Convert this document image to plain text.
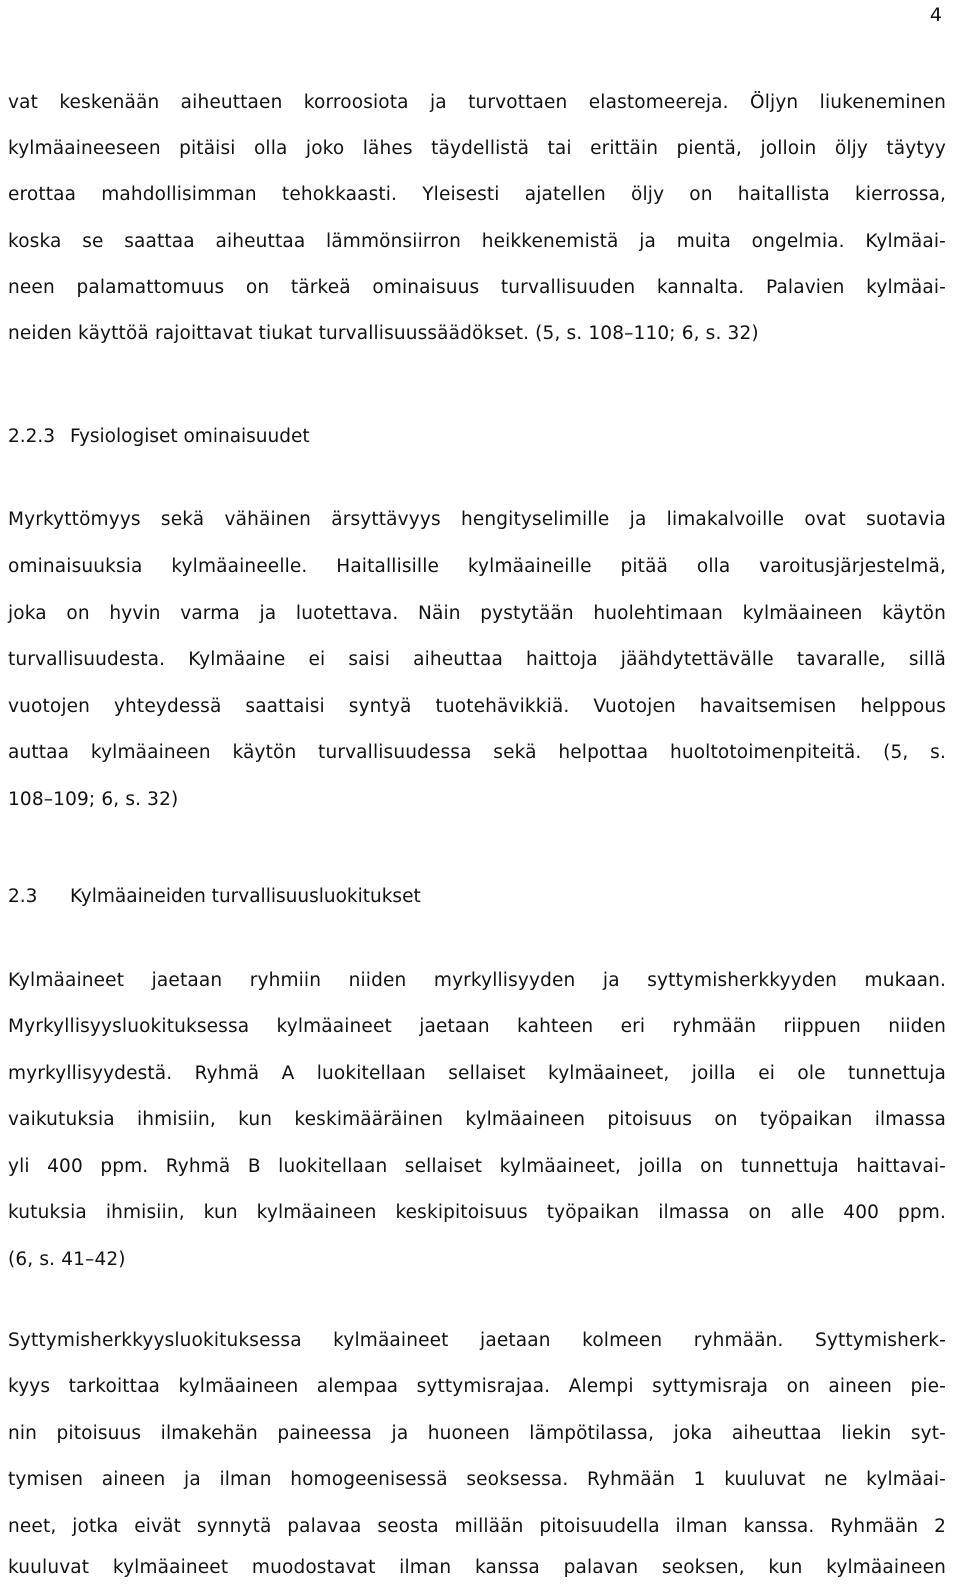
4
vat keskenään aiheuttaen korroosiota ja turvottaen elastomeereja. Öljyn liukeneminen
kylmäaineeseen pitäisi olla joko lähes täydellistä tai erittäin pientä, jolloin öljy täytyy
erottaa mahdollisimman tehokkaasti. Yleisesti ajatellen öljy on haitallista kierrossa,
koska se saattaa aiheuttaa lämmönsiirron heikkenemistä ja muita ongelmia. Kylmäai-
neen palamattomuus on tärkeä ominaisuus turvallisuuden kannalta. Palavien kylmäai-
neiden käyttöä rajoittavat tiukat turvallisuussäädökset. (5, s. 108–110; 6, s. 32)
2.2.3 Fysiologiset ominaisuudet
Myrkyttömyys sekä vähäinen ärsyttävyys hengityselimille ja limakalvoille ovat suotavia
ominaisuuksia kylmäaineelle. Haitallisille kylmäaineille pitää olla varoitusjärjestelmä,
joka on hyvin varma ja luotettava. Näin pystytään huolehtimaan kylmäaineen käytön
turvallisuudesta. Kylmäaine ei saisi aiheuttaa haittoja jäähdytettävälle tavaralle, sillä
vuotojen yhteydessä saattaisi syntyä tuotehävikkiä. Vuotojen havaitsemisen helppous
auttaa kylmäaineen käytön turvallisuudessa sekä helpottaa huoltotoimenpiteitä. (5, s.
108–109; 6, s. 32)
2.3 Kylmäaineiden turvallisuusluokitukset
Kylmäaineet jaetaan ryhmiin niiden myrkyllisyyden ja syttymisherkkyyden mukaan.
Myrkyllisyysluokituksessa kylmäaineet jaetaan kahteen eri ryhmään riippuen niiden
myrkyllisyydestä. Ryhmä A luokitellaan sellaiset kylmäaineet, joilla ei ole tunnettuja
vaikutuksia ihmisiin, kun keskimääräinen kylmäaineen pitoisuus on työpaikan ilmassa
yli 400 ppm. Ryhmä B luokitellaan sellaiset kylmäaineet, joilla on tunnettuja haittavai-
kutuksia ihmisiin, kun kylmäaineen keskipitoisuus työpaikan ilmassa on alle 400 ppm.
(6, s. 41–42)
Syttymisherkkyysluokituksessa kylmäaineet jaetaan kolmeen ryhmään. Syttymisherk-
kyys tarkoittaa kylmäaineen alempaa syttymisrajaa. Alempi syttymisraja on aineen pie-
nin pitoisuus ilmakehän paineessa ja huoneen lämpötilassa, joka aiheuttaa liekin syt-
tymisen aineen ja ilman homogeenisessä seoksessa. Ryhmään 1 kuuluvat ne kylmäai-
neet, jotka eivät synnytä palavaa seosta millään pitoisuudella ilman kanssa. Ryhmään 2
kuuluvat kylmäaineet muodostavat ilman kanssa palavan seoksen, kun kylmäaineen
